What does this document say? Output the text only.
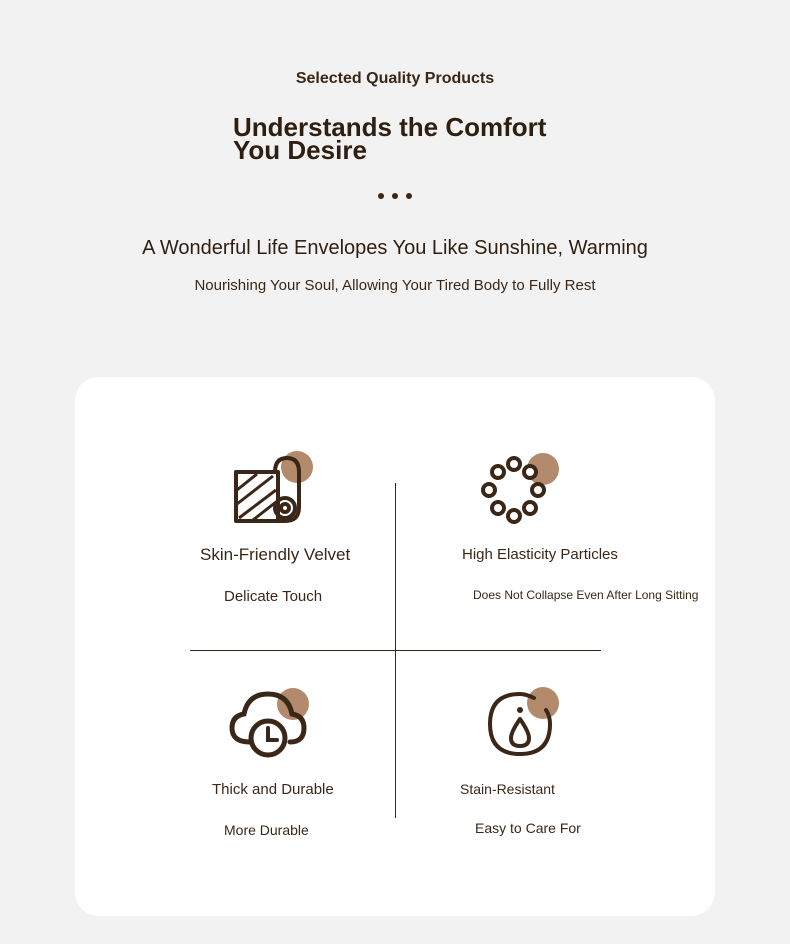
Selected Quality Products
Understands the Comfort
You Desire
A Wonderful Life Envelopes You Like Sunshine, Warming
Nourishing Your Soul, Allowing Your Tired Body to Fully Rest
Skin-Friendly Velvet
Delicate Touch
High Elasticity Particles
Does Not Collapse Even After Long Sitting
Thick and Durable
More Durable
Stain-Resistant
Easy to Care For
